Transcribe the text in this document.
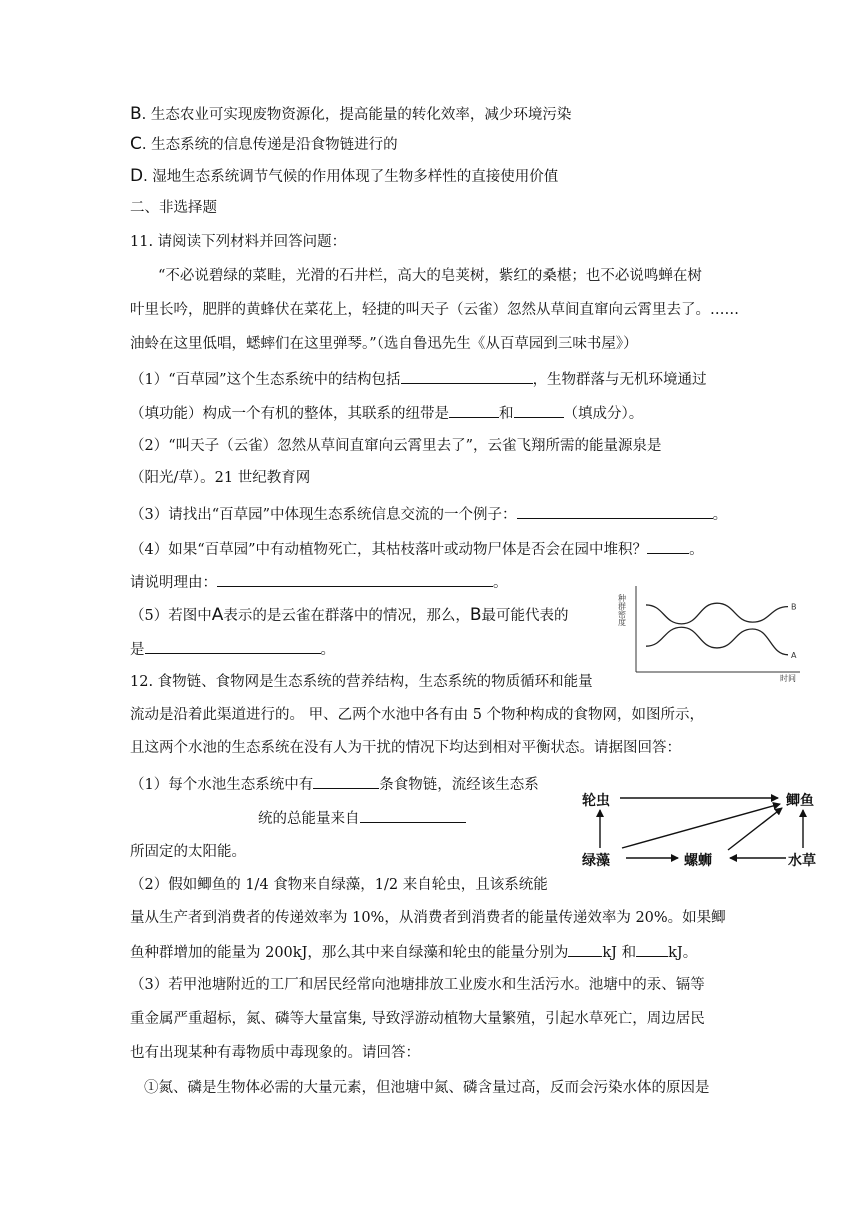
B. 生态农业可实现废物资源化，提高能量的转化效率，减少环境污染
C. 生态系统的信息传递是沿食物链进行的
D. 湿地生态系统调节气候的作用体现了生物多样性的直接使用价值
二、非选择题
11. 请阅读下列材料并回答问题：
“不必说碧绿的菜畦，光滑的石井栏，高大的皂荚树，紫红的桑椹；也不必说鸣蝉在树
叶里长吟，肥胖的黄蜂伏在菜花上，轻捷的叫天子（云雀）忽然从草间直窜向云霄里去了。……
油蛉在这里低唱，蟋蟀们在这里弹琴。”（选自鲁迅先生《从百草园到三味书屋》）
（1）“百草园”这个生态系统中的结构包括	，生物群落与无机环境通过
（填功能）构成一个有机的整体，其联系的纽带是	和	（填成分）。
（2）“叫天子（云雀）忽然从草间直窜向云霄里去了”，云雀飞翔所需的能量源泉是
（阳光/草）。21 世纪教育网
（3）请找出“百草园”中体现生态系统信息交流的一个例子：	。
（4）如果“百草园”中有动植物死亡，其枯枝落叶或动物尸体是否会在园中堆积？	。
请说明理由：	。
（5）若图中A表示的是云雀在群落中的情况，那么，B最可能代表的
是	。
种群密度
时间
B
A
12. 食物链、食物网是生态系统的营养结构，生态系统的物质循环和能量
流动是沿着此渠道进行的。 甲、乙两个水池中各有由 5 个物种构成的食物网，如图所示，
且这两个水池的生态系统在没有人为干扰的情况下均达到相对平衡状态。请据图回答：
（1）每个水池生态系统中有	条食物链，流经该生态系
统的总能量来自
所固定的太阳能。
（2）假如鲫鱼的 1/4 食物来自绿藻，1/2 来自轮虫，且该系统能
量从生产者到消费者的传递效率为 10%，从消费者到消费者的能量传递效率为 20%。如果鲫
鱼种群增加的能量为 200kJ，那么其中来自绿藻和轮虫的能量分别为 kJ 和 kJ。
（3）若甲池塘附近的工厂和居民经常向池塘排放工业废水和生活污水。池塘中的汞、镉等
重金属严重超标，氮、磷等大量富集, 导致浮游动植物大量繁殖，引起水草死亡，周边居民
也有出现某种有毒物质中毒现象的。请回答：
①氮、磷是生物体必需的大量元素，但池塘中氮、磷含量过高，反而会污染水体的原因是
轮虫	鲫鱼
绿藻	螺蛳	水草
